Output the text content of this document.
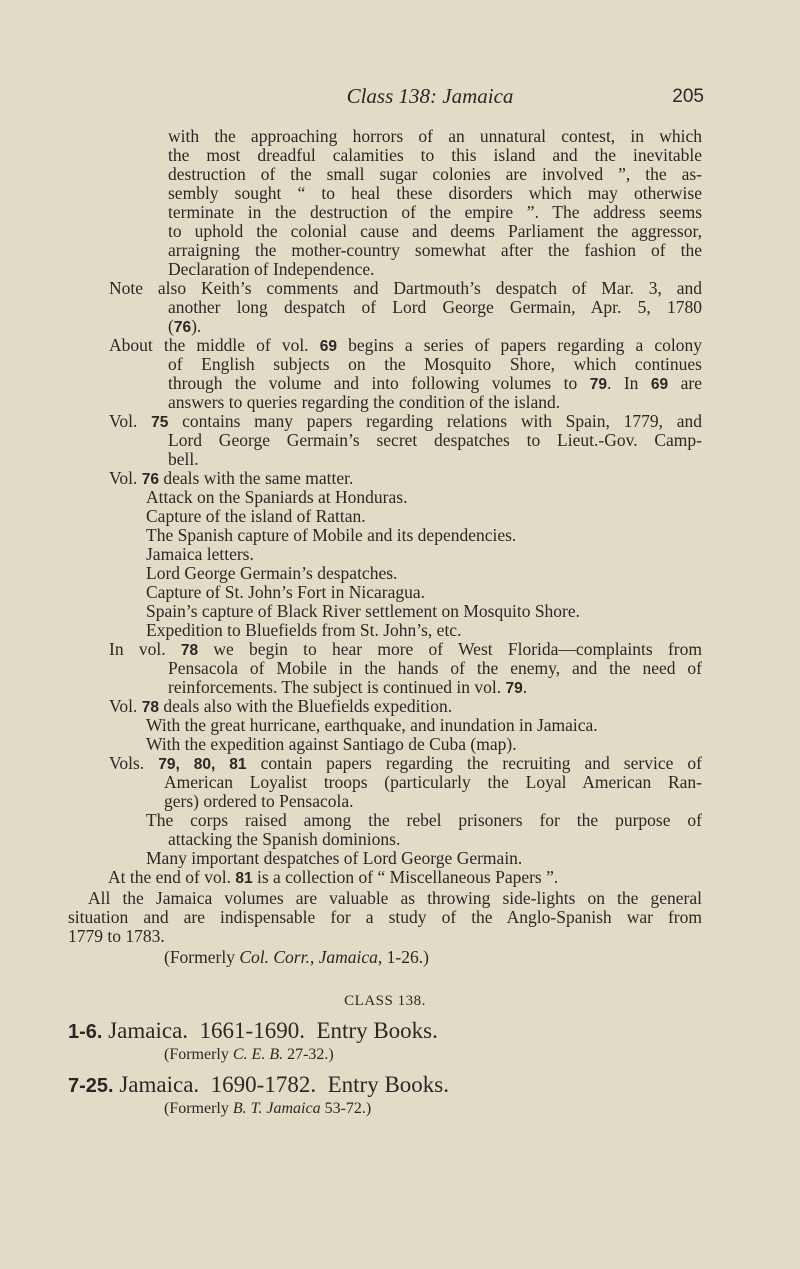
Class 138: Jamaica	205
with the approaching horrors of an unnatural contest, in which
the most dreadful calamities to this island and the inevitable
destruction of the small sugar colonies are involved ”, the as-
sembly sought “ to heal these disorders which may otherwise
terminate in the destruction of the empire ”. The address seems
to uphold the colonial cause and deems Parliament the aggressor,
arraigning the mother-country somewhat after the fashion of the
Declaration of Independence.
Note also Keith’s comments and Dartmouth’s despatch of Mar. 3, and
another long despatch of Lord George Germain, Apr. 5, 1780
(76).
About the middle of vol. 69 begins a series of papers regarding a colony
of English subjects on the Mosquito Shore, which continues
through the volume and into following volumes to 79. In 69 are
answers to queries regarding the condition of the island.
Vol. 75 contains many papers regarding relations with Spain, 1779, and
Lord George Germain’s secret despatches to Lieut.-Gov. Camp-
bell.
Vol. 76 deals with the same matter.
Attack on the Spaniards at Honduras.
Capture of the island of Rattan.
The Spanish capture of Mobile and its dependencies.
Jamaica letters.
Lord George Germain’s despatches.
Capture of St. John’s Fort in Nicaragua.
Spain’s capture of Black River settlement on Mosquito Shore.
Expedition to Bluefields from St. John’s, etc.
In vol. 78 we begin to hear more of West Florida—complaints from
Pensacola of Mobile in the hands of the enemy, and the need of
reinforcements. The subject is continued in vol. 79.
Vol. 78 deals also with the Bluefields expedition.
With the great hurricane, earthquake, and inundation in Jamaica.
With the expedition against Santiago de Cuba (map).
Vols. 79, 80, 81 contain papers regarding the recruiting and service of
American Loyalist troops (particularly the Loyal American Ran-
gers) ordered to Pensacola.
The corps raised among the rebel prisoners for the purpose of
attacking the Spanish dominions.
Many important despatches of Lord George Germain.
At the end of vol. 81 is a collection of “ Miscellaneous Papers ”.
All the Jamaica volumes are valuable as throwing side-lights on the general
situation and are indispensable for a study of the Anglo-Spanish war from
1779 to 1783.
(Formerly Col. Corr., Jamaica, 1-26.)
CLASS 138.
1-6. Jamaica. 1661-1690. Entry Books.
(Formerly C. E. B. 27-32.)
7-25. Jamaica. 1690-1782. Entry Books.
(Formerly B. T. Jamaica 53-72.)
